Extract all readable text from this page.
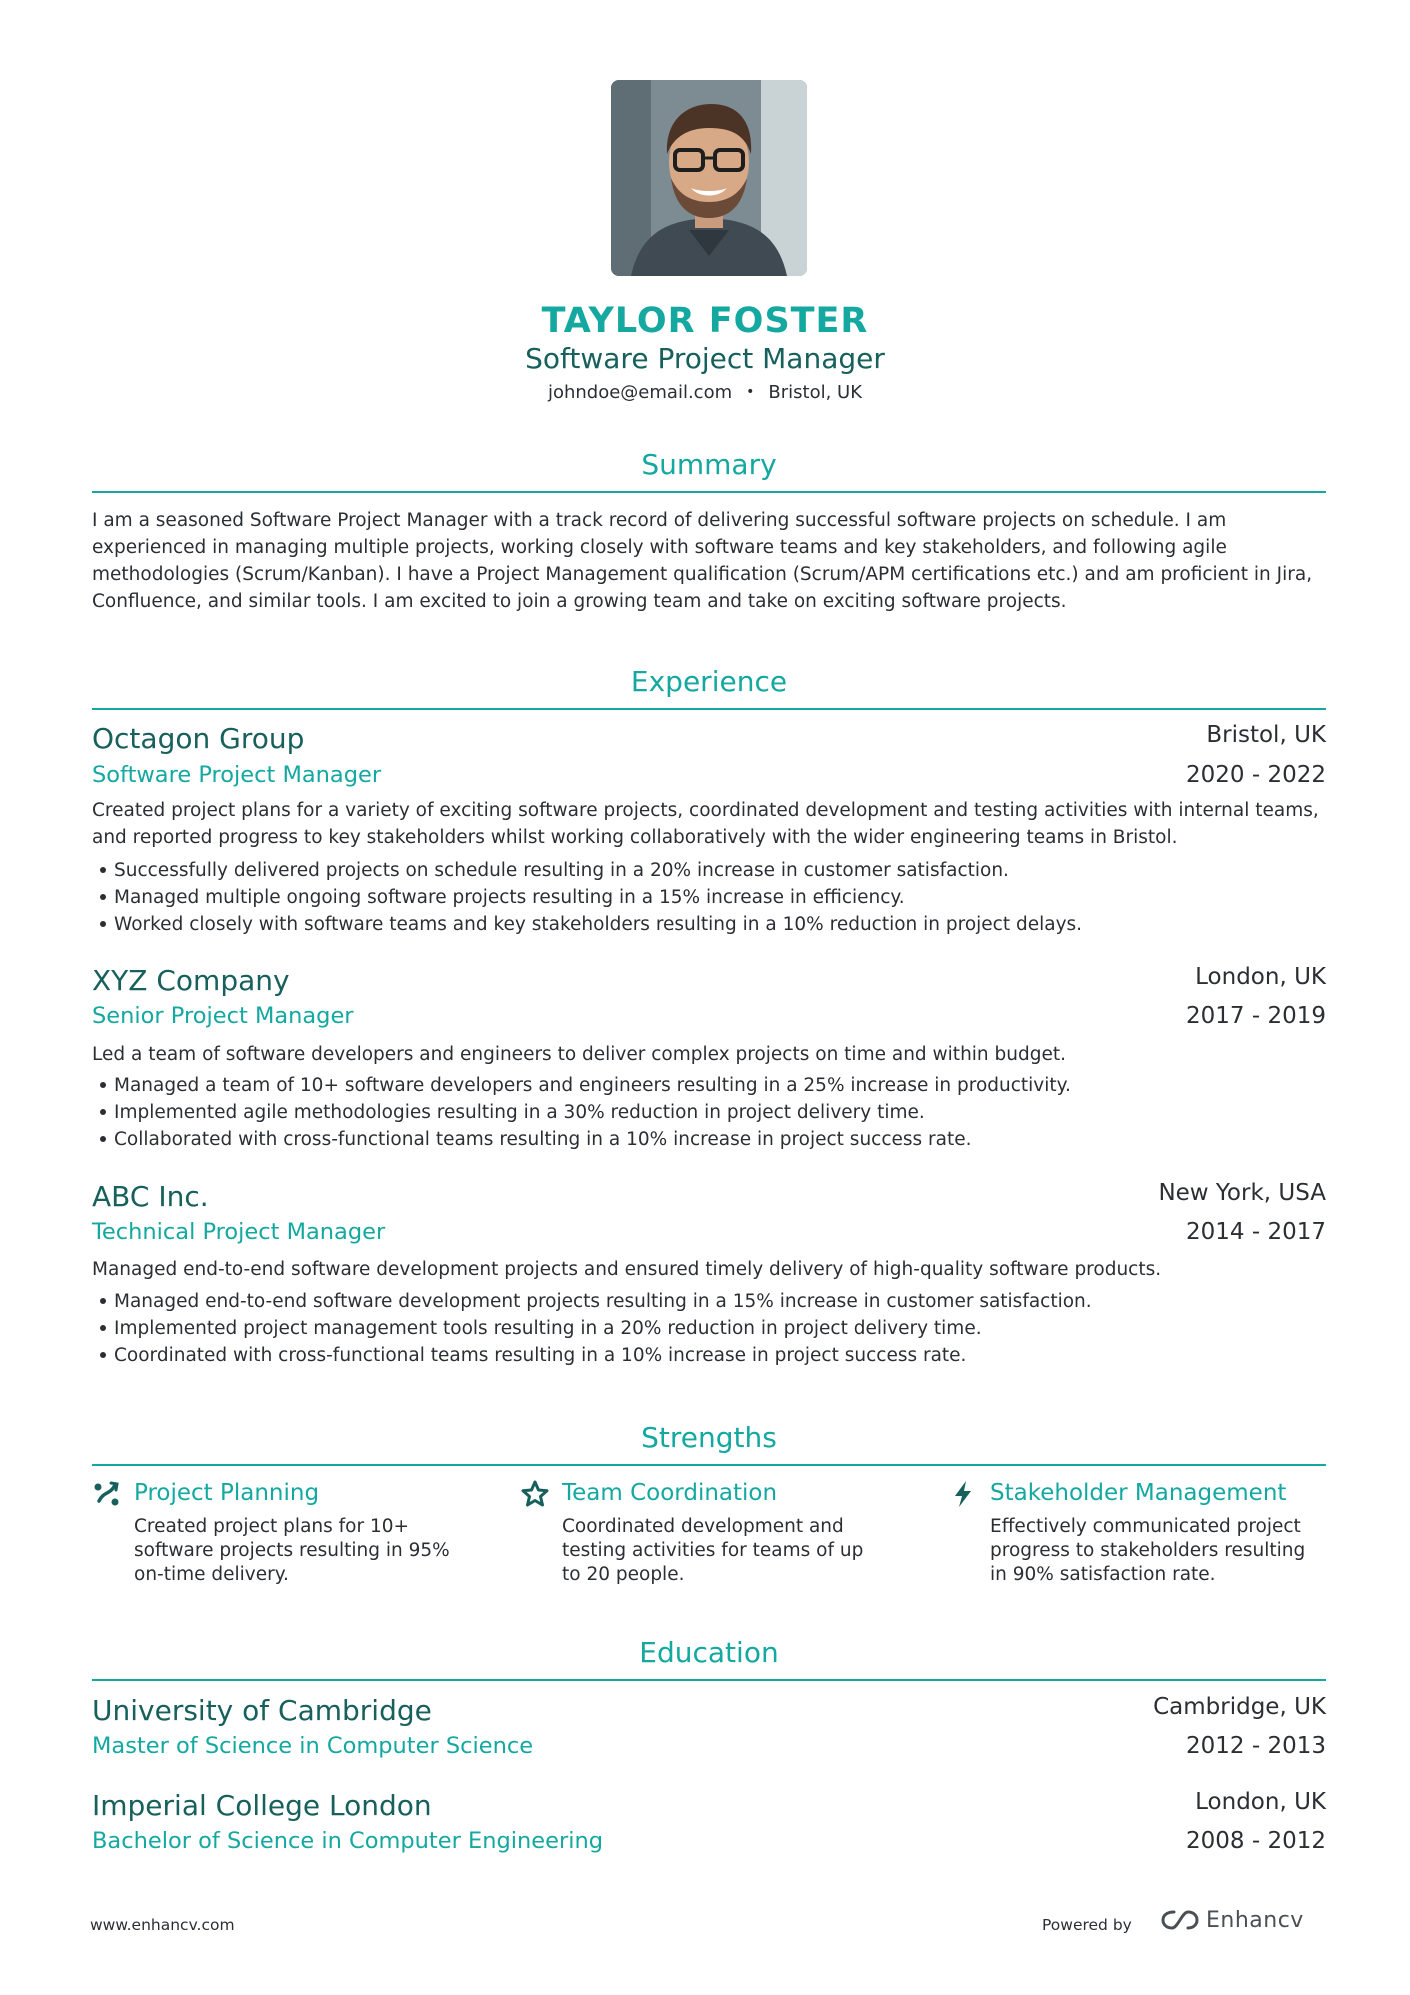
TAYLOR FOSTER
Software Project Manager
johndoe@email.com • Bristol, UK
Summary
I am a seasoned Software Project Manager with a track record of delivering successful software projects on schedule. I am experienced in managing multiple projects, working closely with software teams and key stakeholders, and following agile methodologies (Scrum/Kanban). I have a Project Management qualification (Scrum/APM certifications etc.) and am proficient in Jira, Confluence, and similar tools. I am excited to join a growing team and take on exciting software projects.
Experience
Octagon Group	Bristol, UK
Software Project Manager	2020 - 2022
Created project plans for a variety of exciting software projects, coordinated development and testing activities with internal teams, and reported progress to key stakeholders whilst working collaboratively with the wider engineering teams in Bristol.
Successfully delivered projects on schedule resulting in a 20% increase in customer satisfaction.
Managed multiple ongoing software projects resulting in a 15% increase in efficiency.
Worked closely with software teams and key stakeholders resulting in a 10% reduction in project delays.
XYZ Company	London, UK
Senior Project Manager	2017 - 2019
Led a team of software developers and engineers to deliver complex projects on time and within budget.
Managed a team of 10+ software developers and engineers resulting in a 25% increase in productivity.
Implemented agile methodologies resulting in a 30% reduction in project delivery time.
Collaborated with cross-functional teams resulting in a 10% increase in project success rate.
ABC Inc.	New York, USA
Technical Project Manager	2014 - 2017
Managed end-to-end software development projects and ensured timely delivery of high-quality software products.
Managed end-to-end software development projects resulting in a 15% increase in customer satisfaction.
Implemented project management tools resulting in a 20% reduction in project delivery time.
Coordinated with cross-functional teams resulting in a 10% increase in project success rate.
Strengths
Project Planning
Created project plans for 10+ software projects resulting in 95% on-time delivery.
Team Coordination
Coordinated development and testing activities for teams of up to 20 people.
Stakeholder Management
Effectively communicated project progress to stakeholders resulting in 90% satisfaction rate.
Education
University of Cambridge	Cambridge, UK
Master of Science in Computer Science	2012 - 2013
Imperial College London	London, UK
Bachelor of Science in Computer Engineering	2008 - 2012
www.enhancv.com	Powered by	Enhancv
